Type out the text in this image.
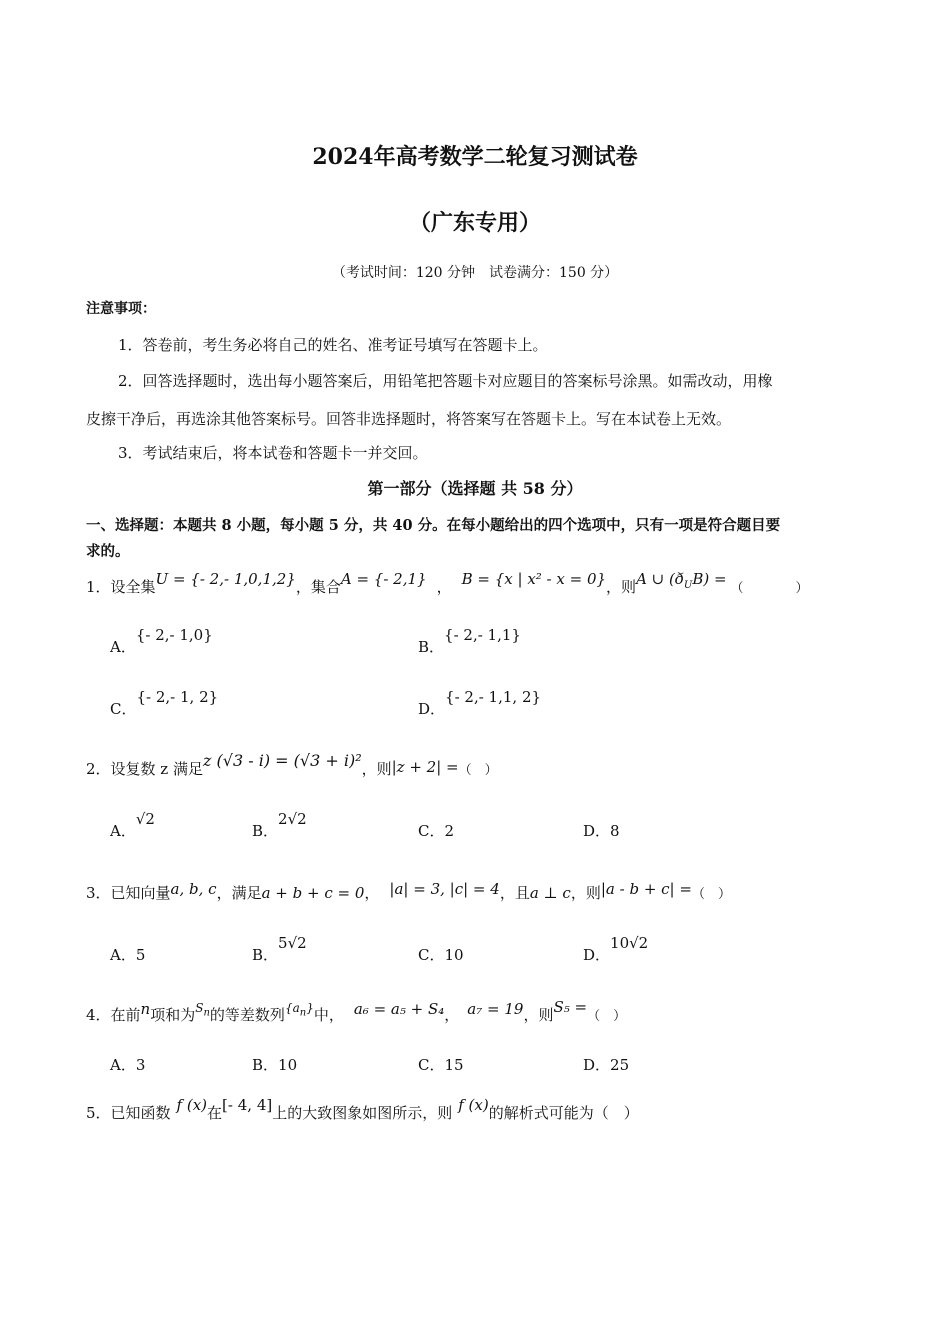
2024年高考数学二轮复习测试卷
（广东专用）
（考试时间：120 分钟　试卷满分：150 分）
注意事项：
1．答卷前，考生务必将自己的姓名、准考证号填写在答题卡上。
2．回答选择题时，选出每小题答案后，用铅笔把答题卡对应题目的答案标号涂黑。如需改动，用橡
皮擦干净后，再选涂其他答案标号。回答非选择题时，将答案写在答题卡上。写在本试卷上无效。
3．考试结束后，将本试卷和答题卡一并交回。
第一部分（选择题 共 58 分）
一、选择题：本题共 8 小题，每小题 5 分，共 40 分。在每小题给出的四个选项中，只有一项是符合题目要
求的。
1．设全集U = {- 2,- 1,0,1,2}，集合A = {- 2,1} ， B = {x | x² - x = 0}，则A ∪ $(ð_UB)$ =（　　　　）
A．{- 2,- 1,0}
B．{- 2,- 1,1}
C．{- 2,- 1, 2}
D．{- 2,- 1,1, 2}
2．设复数 z 满足z (√3 - i) = (√3 + i)²，则|z + 2| =（　）
A．√2
B．2√2
C．2	D．8
3．已知向量a, b, c，满足a + b + c = 0， |a| = 3, |c| = 4，且a ⊥ c，则|a - b + c| =（　）
A．5	B．5√2
C．10	D．10√2
4．在前n项和为$^{S_n}$的等差数列$^{\{a_n\}}$中， a₆ = a₅ + S₄， a₇ = 19，则S₅ =（　）
A．3	B．10	C．15	D．25
5．已知函数 f (x)在[- 4, 4]上的大致图象如图所示，则 f (x)的解析式可能为（　）
